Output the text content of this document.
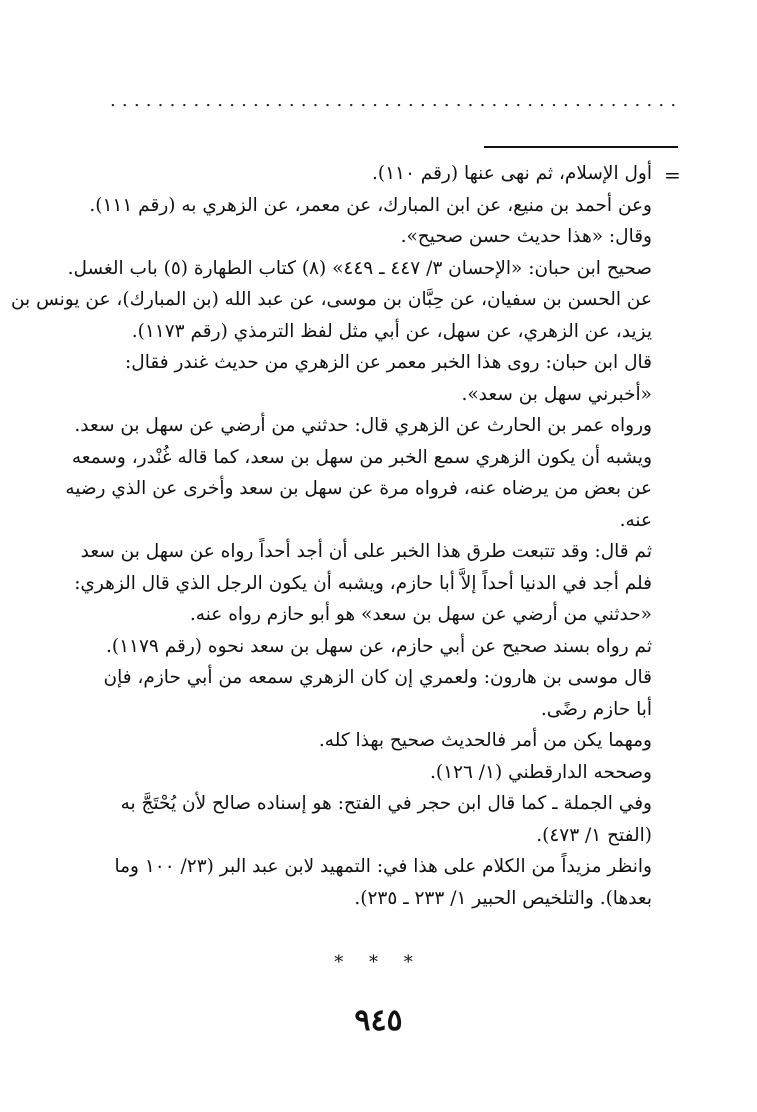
................................................
=
أول الإسلام، ثم نهى عنها (رقم ١١٠).
وعن أحمد بن منيع، عن ابن المبارك، عن معمر، عن الزهري به (رقم ١١١).
وقال: «هذا حديث حسن صحيح».
صحيح ابن حبان: «الإحسان ٣/ ٤٤٧ ـ ٤٤٩» (٨) كتاب الطهارة (٥) باب الغسل.
عن الحسن بن سفيان، عن حِبَّان بن موسى، عن عبد الله (بن المبارك)، عن يونس بن
يزيد، عن الزهري، عن سهل، عن أبي مثل لفظ الترمذي (رقم ١١٧٣).
قال ابن حبان: روى هذا الخبر معمر عن الزهري من حديث غندر فقال:
«أخبرني سهل بن سعد».
ورواه عمر بن الحارث عن الزهري قال: حدثني من أرضي عن سهل بن سعد.
ويشبه أن يكون الزهري سمع الخبر من سهل بن سعد، كما قاله غُنْدر، وسمعه
عن بعض من يرضاه عنه، فرواه مرة عن سهل بن سعد وأخرى عن الذي رضيه
عنه.
ثم قال: وقد تتبعت طرق هذا الخبر على أن أجد أحداً رواه عن سهل بن سعد
فلم أجد في الدنيا أحداً إلاَّ أبا حازم، ويشبه أن يكون الرجل الذي قال الزهري:
«حدثني من أرضي عن سهل بن سعد» هو أبو حازم رواه عنه.
ثم رواه بسند صحيح عن أبي حازم، عن سهل بن سعد نحوه (رقم ١١٧٩).
قال موسى بن هارون: ولعمري إن كان الزهري سمعه من أبي حازم، فإن
أبا حازم رضًى.
ومهما يكن من أمر فالحديث صحيح بهذا كله.
وصححه الدارقطني (١/ ١٢٦).
وفي الجملة ـ كما قال ابن حجر في الفتح: هو إسناده صالح لأن يُحْتَجَّ به
(الفتح ١/ ٤٧٣).
وانظر مزيداً من الكلام على هذا في: التمهيد لابن عبد البر (٢٣/ ١٠٠ وما
بعدها). والتلخيص الحبير ١/ ٢٣٣ ـ ٢٣٥).
* * *
٩٤٥
